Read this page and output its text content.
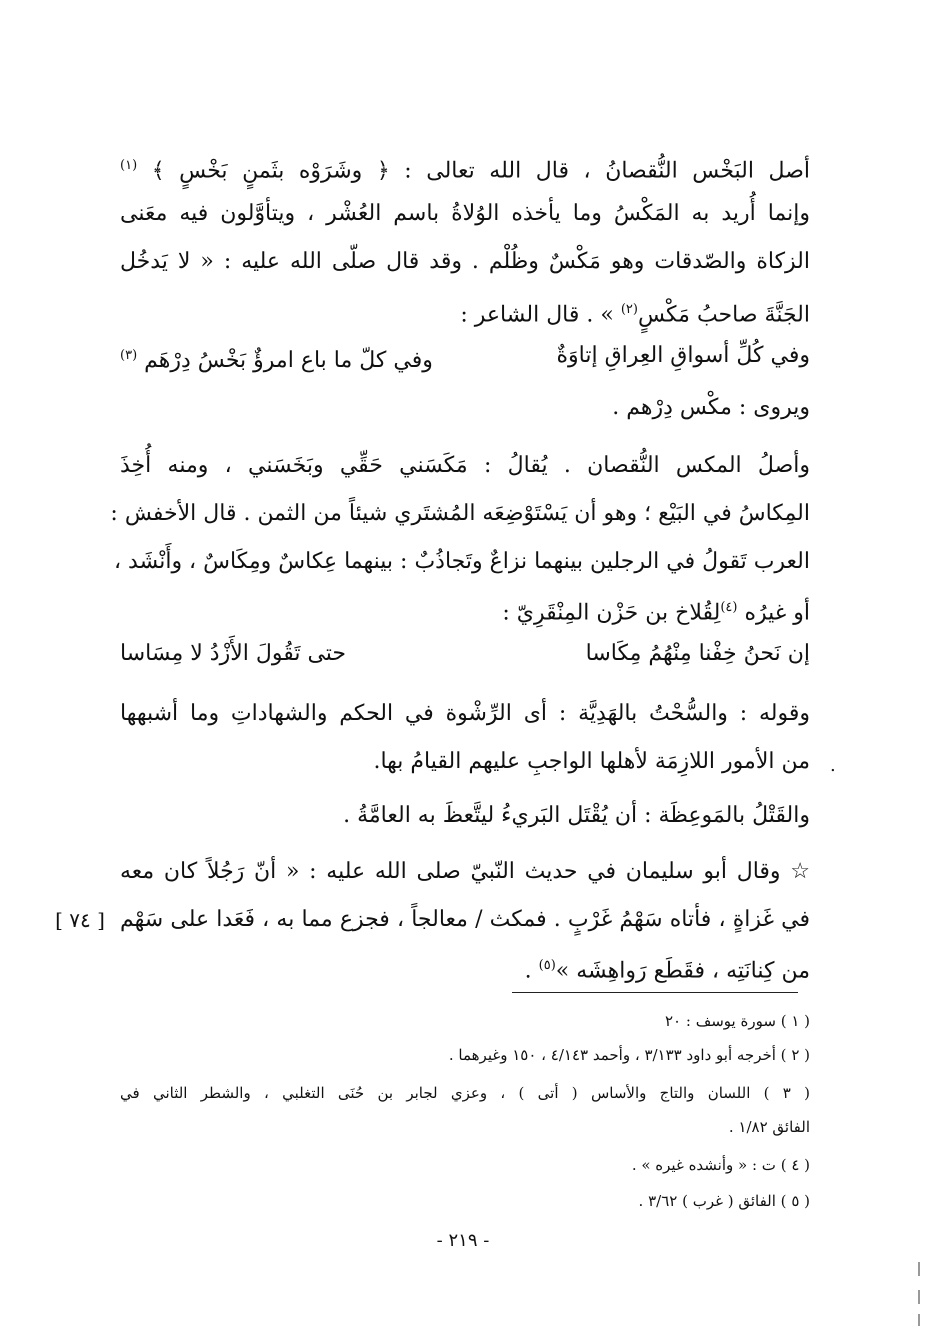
أصل البَخْس النُّقصانُ ، قال الله تعالى : ﴿ وشَرَوْه بثَمنٍ بَخْسٍ ﴾ $^{(١)}$
وإنما أُريد به المَكْسُ وما يأخذه الوُلاةُ باسم العُشْر ، ويتأوَّلون فيه معَنى
الزكاة والصّدقات وهو مَكْسٌ وظُلْم . وقد قال صلّى الله عليه : « لا يَدخُل
الجَنَّةَ صاحبُ مَكْسٍ$^{(٢)}$ » . قال الشاعر :
وفي كُلِّ أسواقِ العِراقِ إتاوَةٌ
وفي كلّ ما باع امرؤٌ بَخْسُ دِرْهَم (٣)
ويروى : مكْس دِرْهم .
وأصلُ المكس النُّقصان . يُقالُ : مَكَسَني حَقِّي وبَخَسَني ، ومنه أُخِذَ
المِكاسُ في البَيْع ؛ وهو أن يَسْتَوْضِعَه المُشتَري شيئاً من الثمن . قال الأخفش :
العرب تَقولُ في الرجلين بينهما نزاعٌ وتَجاذُبٌ : بينهما عِكاسٌ ومِكَاسٌ ، وأَنْشَد ،
أو غيرُه $^{(٤)}$لِقُلاخ بن حَزْن المِنْقَرِيّ :
إن نَحنُ خِفْنا مِنْهُمُ مِكَاسا
حتى تَقُولَ الأَزْدُ لا مِسَاسا
وقوله : والسُّحْتُ بالهَدِيَّة : أى الرِّشْوة في الحكم والشهاداتِ وما أشبهها
من الأمور اللازِمَة لأهلها الواجبِ عليهم القيامُ بها. .
والقَتْلُ بالمَوعِظَة : أن يُقْتَل البَريءُ ليتَّعظَ به العامَّةُ .
☆ وقال أبو سليمان في حديث النّبيّ صلى الله عليه : « أنّ رَجُلاً كان معه
في غَزاةٍ ، فأتاه سَهْمُ غَرْبٍ . فمكث / معالجاً ، فجزع مما به ، فَعَدا على سَهْم
من كِنانَتِه ، فقَطَع رَواهِشَه »$^{(٥)}$ .
[ ٧٤ ]
( ١ ) سورة يوسف : ٢٠
( ٢ ) أخرجه أبو داود ٣/١٣٣ ، وأحمد ٤/١٤٣ ، ١٥٠ وغيرهما .
( ٣ ) اللسان والتاج والأساس ( أتى ) ، وعزي لجابر بن حُنَى التغلبي ، والشطر الثاني في
الفائق ١/٨٢ .
( ٤ ) ت : « وأنشده غيره » .
( ٥ ) الفائق ( غرب ) ٣/٦٢ .
- ٢١٩ -
